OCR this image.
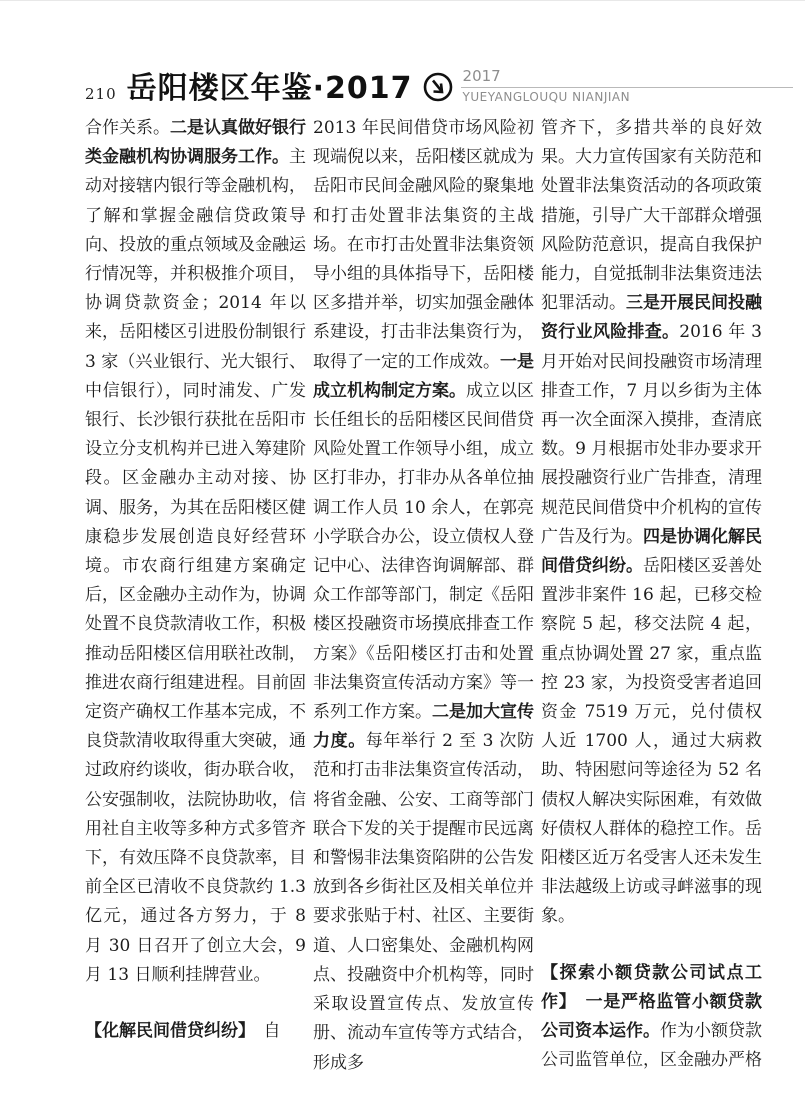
210 岳阳楼区年鉴·2017	2017
YUEYANGLOUQU NIANJIAN

合作关系。二是认真做好银行类金融机构协调服务工作。主动对接辖内银行等金融机构，了解和掌握金融信贷政策导向、投放的重点领域及金融运行情况等，并积极推介项目，协调贷款资金；2014 年以来，岳阳楼区引进股份制银行 3 家（兴业银行、光大银行、中信银行），同时浦发、广发银行、长沙银行获批在岳阳市设立分支机构并已进入筹建阶段。区金融办主动对接、协调、服务，为其在岳阳楼区健康稳步发展创造良好经营环境。市农商行组建方案确定后，区金融办主动作为，协调处置不良贷款清收工作，积极推动岳阳楼区信用联社改制，推进农商行组建进程。目前固定资产确权工作基本完成，不良贷款清收取得重大突破，通过政府约谈收，街办联合收，公安强制收，法院协助收，信用社自主收等多种方式多管齐下，有效压降不良贷款率，目前全区已清收不良贷款约 1.3 亿元，通过各方努力，于 8 月 30 日召开了创立大会，9 月 13 日顺利挂牌营业。

【化解民间借贷纠纷】　自

2013 年民间借贷市场风险初现端倪以来，岳阳楼区就成为岳阳市民间金融风险的聚集地和打击处置非法集资的主战场。在市打击处置非法集资领导小组的具体指导下，岳阳楼区多措并举，切实加强金融体系建设，打击非法集资行为，取得了一定的工作成效。一是成立机构制定方案。成立以区长任组长的岳阳楼区民间借贷风险处置工作领导小组，成立区打非办，打非办从各单位抽调工作人员 10 余人，在郭亮小学联合办公，设立债权人登记中心、法律咨询调解部、群众工作部等部门，制定《岳阳楼区投融资市场摸底排查工作方案》《岳阳楼区打击和处置非法集资宣传活动方案》等一系列工作方案。二是加大宣传力度。每年举行 2 至 3 次防范和打击非法集资宣传活动，将省金融、公安、工商等部门联合下发的关于提醒市民远离和警惕非法集资陷阱的公告发放到各乡街社区及相关单位并要求张贴于村、社区、主要街道、人口密集处、金融机构网点、投融资中介机构等，同时采取设置宣传点、发放宣传册、流动车宣传等方式结合，形成多

管齐下，多措共举的良好效果。大力宣传国家有关防范和处置非法集资活动的各项政策措施，引导广大干部群众增强风险防范意识，提高自我保护能力，自觉抵制非法集资违法犯罪活动。三是开展民间投融资行业风险排查。2016 年 3 月开始对民间投融资市场清理排查工作，7 月以乡街为主体再一次全面深入摸排，查清底数。9 月根据市处非办要求开展投融资行业广告排查，清理规范民间借贷中介机构的宣传广告及行为。四是协调化解民间借贷纠纷。岳阳楼区妥善处置涉非案件 16 起，已移交检察院 5 起，移交法院 4 起，重点协调处置 27 家，重点监控 23 家，为投资受害者追回资金 7519 万元，兑付债权人近 1700 人，通过大病救助、特困慰问等途径为 52 名债权人解决实际困难，有效做好债权人群体的稳控工作。岳阳楼区近万名受害人还未发生非法越级上访或寻衅滋事的现象。

【探索小额贷款公司试点工作】　 一是严格监管小额贷款公司资本运作。作为小额贷款公司监管单位，区金融办严格
